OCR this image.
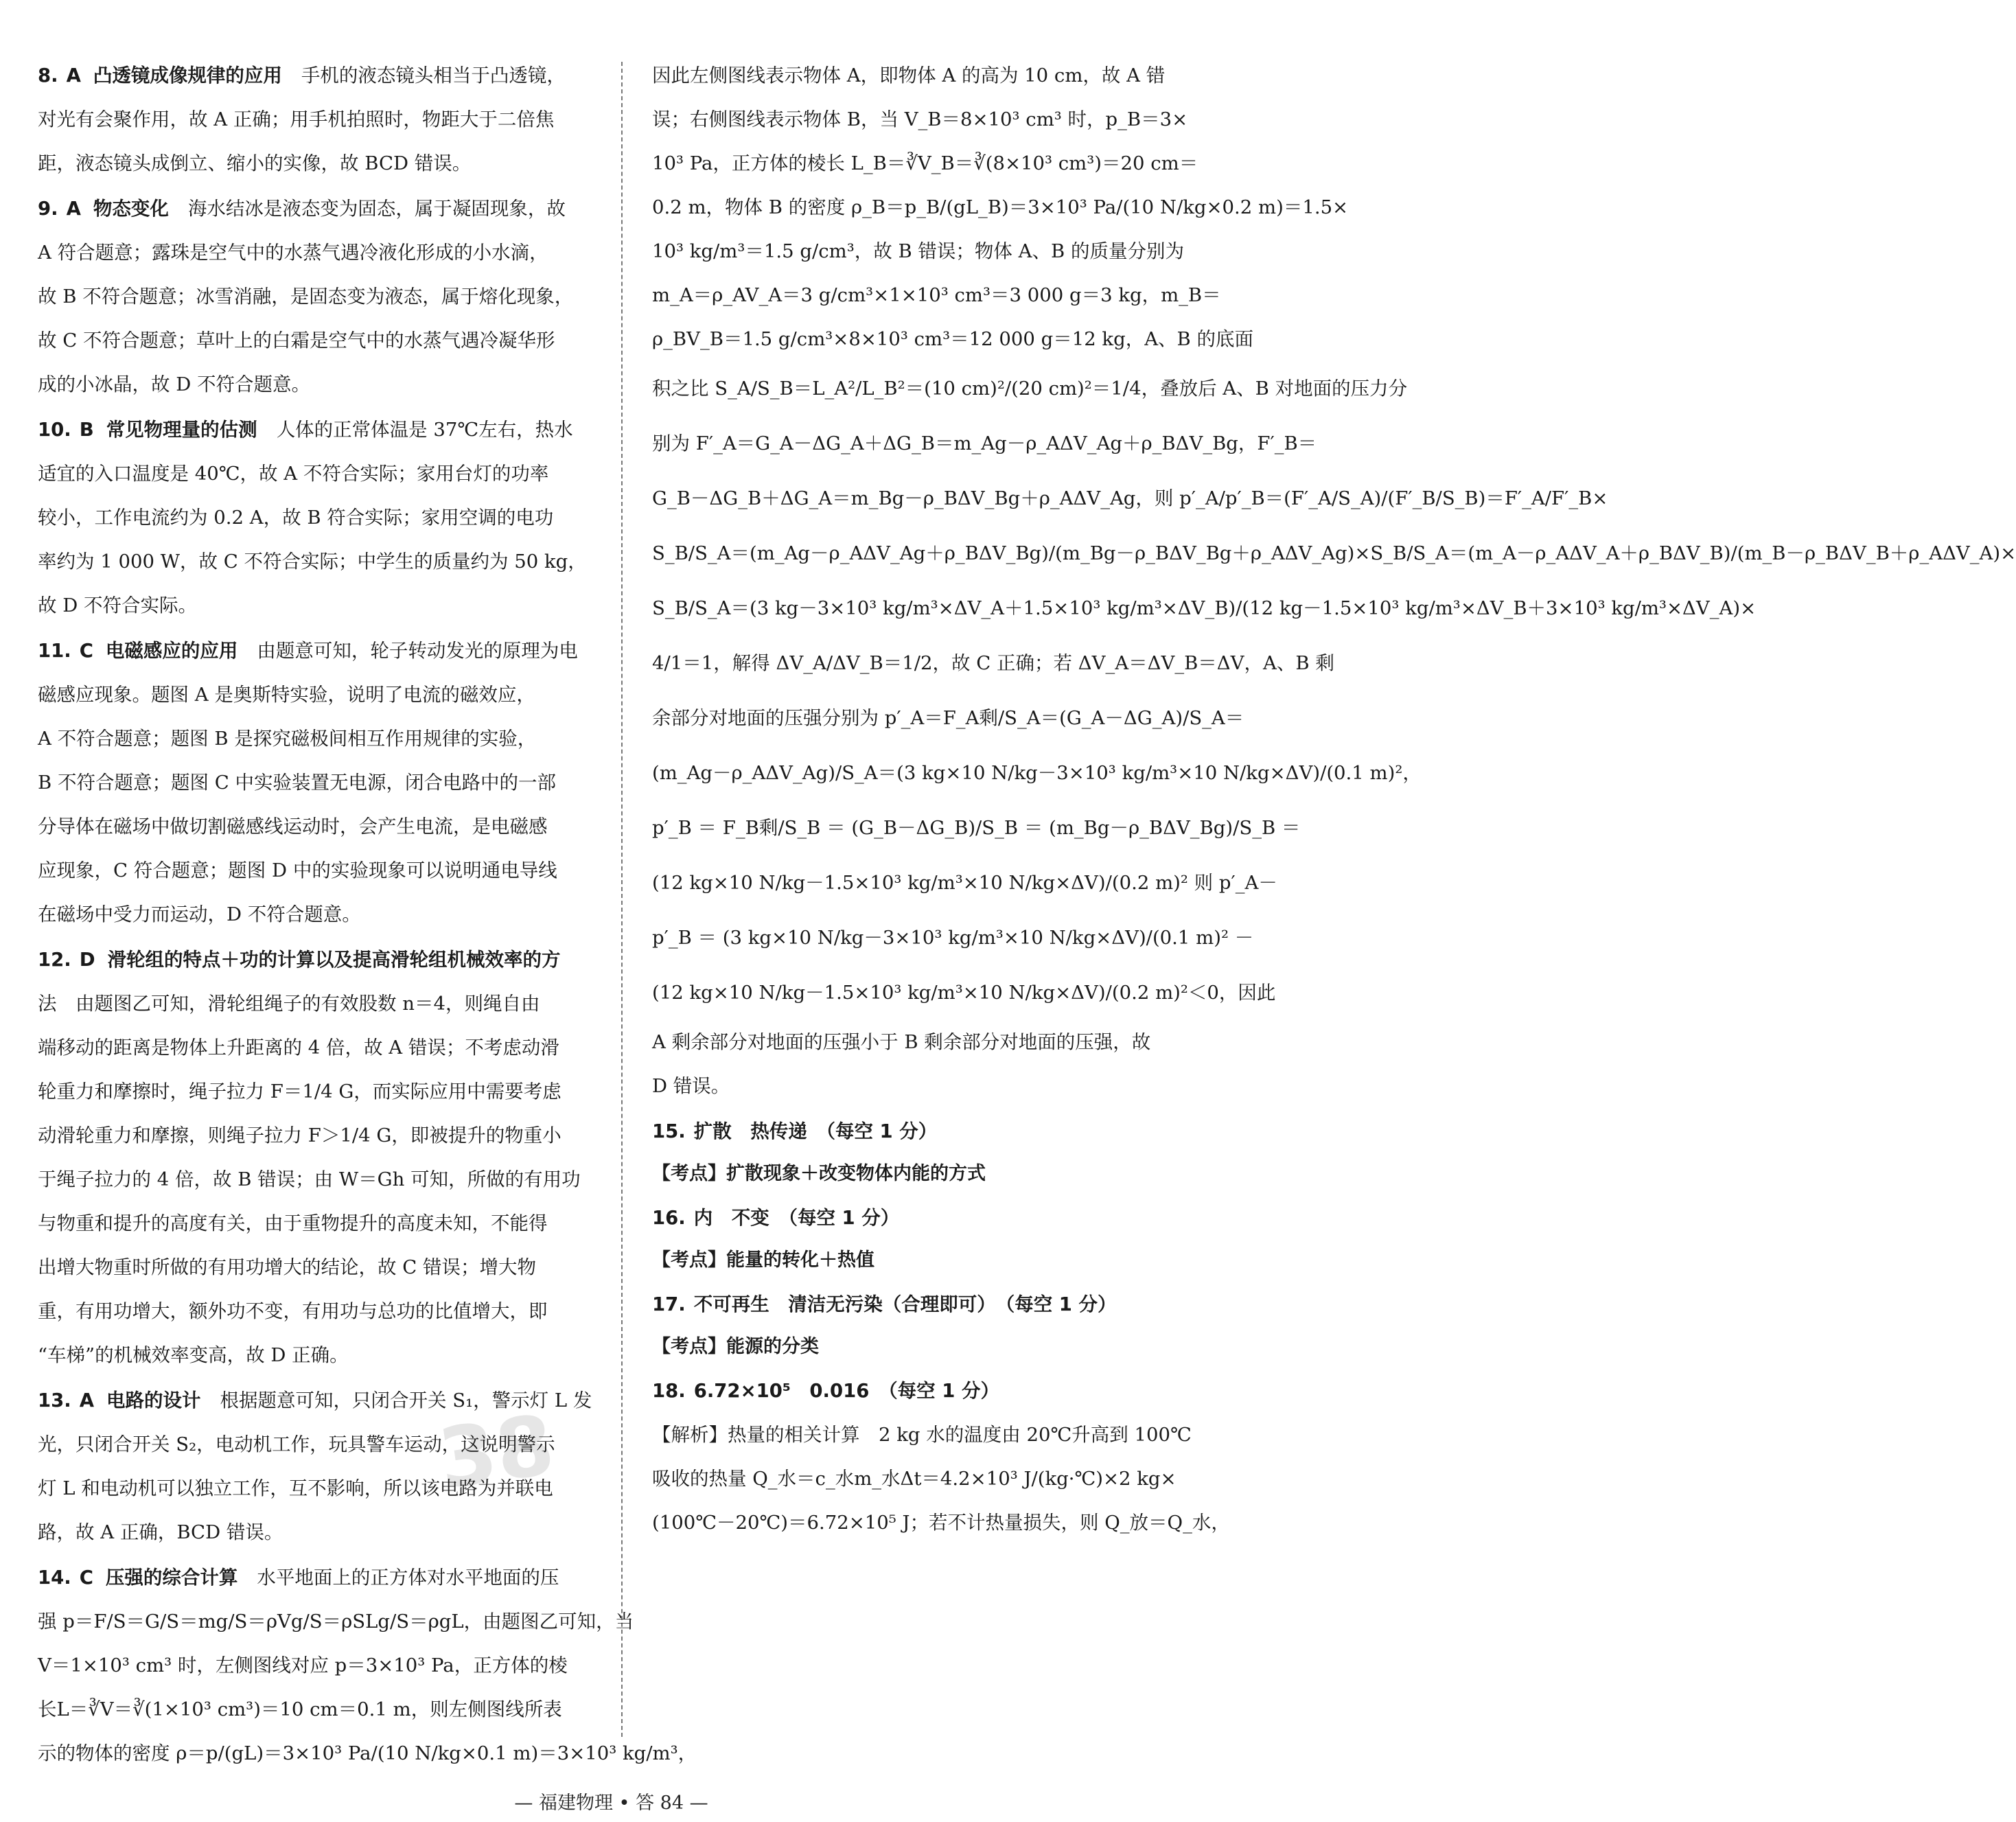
38
8. A 凸透镜成像规律的应用 手机的液态镜头相当于凸透镜，
对光有会聚作用，故 A 正确；用手机拍照时，物距大于二倍焦
距，液态镜头成倒立、缩小的实像，故 BCD 错误。
9. A 物态变化 海水结冰是液态变为固态，属于凝固现象，故
A 符合题意；露珠是空气中的水蒸气遇冷液化形成的小水滴，
故 B 不符合题意；冰雪消融，是固态变为液态，属于熔化现象，
故 C 不符合题意；草叶上的白霜是空气中的水蒸气遇冷凝华形
成的小冰晶，故 D 不符合题意。
10. B 常见物理量的估测 人体的正常体温是 37℃左右，热水
适宜的入口温度是 40℃，故 A 不符合实际；家用台灯的功率
较小，工作电流约为 0.2 A，故 B 符合实际；家用空调的电功
率约为 1 000 W，故 C 不符合实际；中学生的质量约为 50 kg，
故 D 不符合实际。
11. C 电磁感应的应用 由题意可知，轮子转动发光的原理为电
磁感应现象。题图 A 是奥斯特实验，说明了电流的磁效应，
A 不符合题意；题图 B 是探究磁极间相互作用规律的实验，
B 不符合题意；题图 C 中实验装置无电源，闭合电路中的一部
分导体在磁场中做切割磁感线运动时，会产生电流，是电磁感
应现象，C 符合题意；题图 D 中的实验现象可以说明通电导线
在磁场中受力而运动，D 不符合题意。
12. D 滑轮组的特点＋功的计算以及提高滑轮组机械效率的方
法　由题图乙可知，滑轮组绳子的有效股数 n＝4，则绳自由
端移动的距离是物体上升距离的 4 倍，故 A 错误；不考虑动滑
轮重力和摩擦时，绳子拉力 F＝1/4 G，而实际应用中需要考虑
动滑轮重力和摩擦，则绳子拉力 F＞1/4 G，即被提升的物重小
于绳子拉力的 4 倍，故 B 错误；由 W＝Gh 可知，所做的有用功
与物重和提升的高度有关，由于重物提升的高度未知，不能得
出增大物重时所做的有用功增大的结论，故 C 错误；增大物
重，有用功增大，额外功不变，有用功与总功的比值增大，即
“车梯”的机械效率变高，故 D 正确。
13. A 电路的设计 根据题意可知，只闭合开关 S₁，警示灯 L 发
光，只闭合开关 S₂，电动机工作，玩具警车运动，这说明警示
灯 L 和电动机可以独立工作，互不影响，所以该电路为并联电
路，故 A 正确，BCD 错误。
14. C 压强的综合计算 水平地面上的正方体对水平地面的压
强 p＝F/S＝G/S＝mg/S＝ρVg/S＝ρSLg/S＝ρgL，由题图乙可知，当
V＝1×10³ cm³ 时，左侧图线对应 p＝3×10³ Pa，正方体的棱
长L＝∛V＝∛(1×10³ cm³)＝10 cm＝0.1 m，则左侧图线所表
示的物体的密度 ρ＝p/(gL)＝3×10³ Pa/(10 N/kg×0.1 m)＝3×10³ kg/m³，
因此左侧图线表示物体 A，即物体 A 的高为 10 cm，故 A 错
误；右侧图线表示物体 B，当 V_B＝8×10³ cm³ 时，p_B＝3×
10³ Pa，正方体的棱长 L_B＝∛V_B＝∛(8×10³ cm³)＝20 cm＝
0.2 m，物体 B 的密度 ρ_B＝p_B/(gL_B)＝3×10³ Pa/(10 N/kg×0.2 m)＝1.5×
10³ kg/m³＝1.5 g/cm³，故 B 错误；物体 A、B 的质量分别为
m_A＝ρ_AV_A＝3 g/cm³×1×10³ cm³＝3 000 g＝3 kg，m_B＝
ρ_BV_B＝1.5 g/cm³×8×10³ cm³＝12 000 g＝12 kg，A、B 的底面
积之比 S_A/S_B＝L_A²/L_B²＝(10 cm)²/(20 cm)²＝1/4，叠放后 A、B 对地面的压力分
别为 F′_A＝G_A－ΔG_A＋ΔG_B＝m_Ag－ρ_AΔV_Ag＋ρ_BΔV_Bg，F′_B＝
G_B－ΔG_B＋ΔG_A＝m_Bg－ρ_BΔV_Bg＋ρ_AΔV_Ag，则 p′_A/p′_B＝(F′_A/S_A)/(F′_B/S_B)＝F′_A/F′_B×
S_B/S_A＝(m_Ag－ρ_AΔV_Ag＋ρ_BΔV_Bg)/(m_Bg－ρ_BΔV_Bg＋ρ_AΔV_Ag)×S_B/S_A＝(m_A－ρ_AΔV_A＋ρ_BΔV_B)/(m_B－ρ_BΔV_B＋ρ_AΔV_A)×
S_B/S_A＝(3 kg－3×10³ kg/m³×ΔV_A＋1.5×10³ kg/m³×ΔV_B)/(12 kg－1.5×10³ kg/m³×ΔV_B＋3×10³ kg/m³×ΔV_A)×
4/1＝1，解得 ΔV_A/ΔV_B＝1/2，故 C 正确；若 ΔV_A＝ΔV_B＝ΔV，A、B 剩
余部分对地面的压强分别为 p′_A＝F_A剩/S_A＝(G_A－ΔG_A)/S_A＝
(m_Ag－ρ_AΔV_Ag)/S_A＝(3 kg×10 N/kg－3×10³ kg/m³×10 N/kg×ΔV)/(0.1 m)²，
p′_B ＝ F_B剩/S_B ＝ (G_B－ΔG_B)/S_B ＝ (m_Bg－ρ_BΔV_Bg)/S_B ＝
(12 kg×10 N/kg－1.5×10³ kg/m³×10 N/kg×ΔV)/(0.2 m)² 则 p′_A－
p′_B ＝ (3 kg×10 N/kg－3×10³ kg/m³×10 N/kg×ΔV)/(0.1 m)² －
(12 kg×10 N/kg－1.5×10³ kg/m³×10 N/kg×ΔV)/(0.2 m)²＜0，因此
A 剩余部分对地面的压强小于 B 剩余部分对地面的压强，故
D 错误。
15. 扩散　热传递　（每空 1 分）
【考点】扩散现象＋改变物体内能的方式
16. 内　不变　（每空 1 分）
【考点】能量的转化＋热值
17. 不可再生　清洁无污染（合理即可）　（每空 1 分）
【考点】能源的分类
18. 6.72×10⁵　0.016　（每空 1 分）
【解析】热量的相关计算　2 kg 水的温度由 20℃升高到 100℃
吸收的热量 Q_水＝c_水m_水Δt＝4.2×10³ J/(kg·℃)×2 kg×
(100℃－20℃)＝6.72×10⁵ J；若不计热量损失，则 Q_放＝Q_水，
— 福建物理 • 答 84 —
